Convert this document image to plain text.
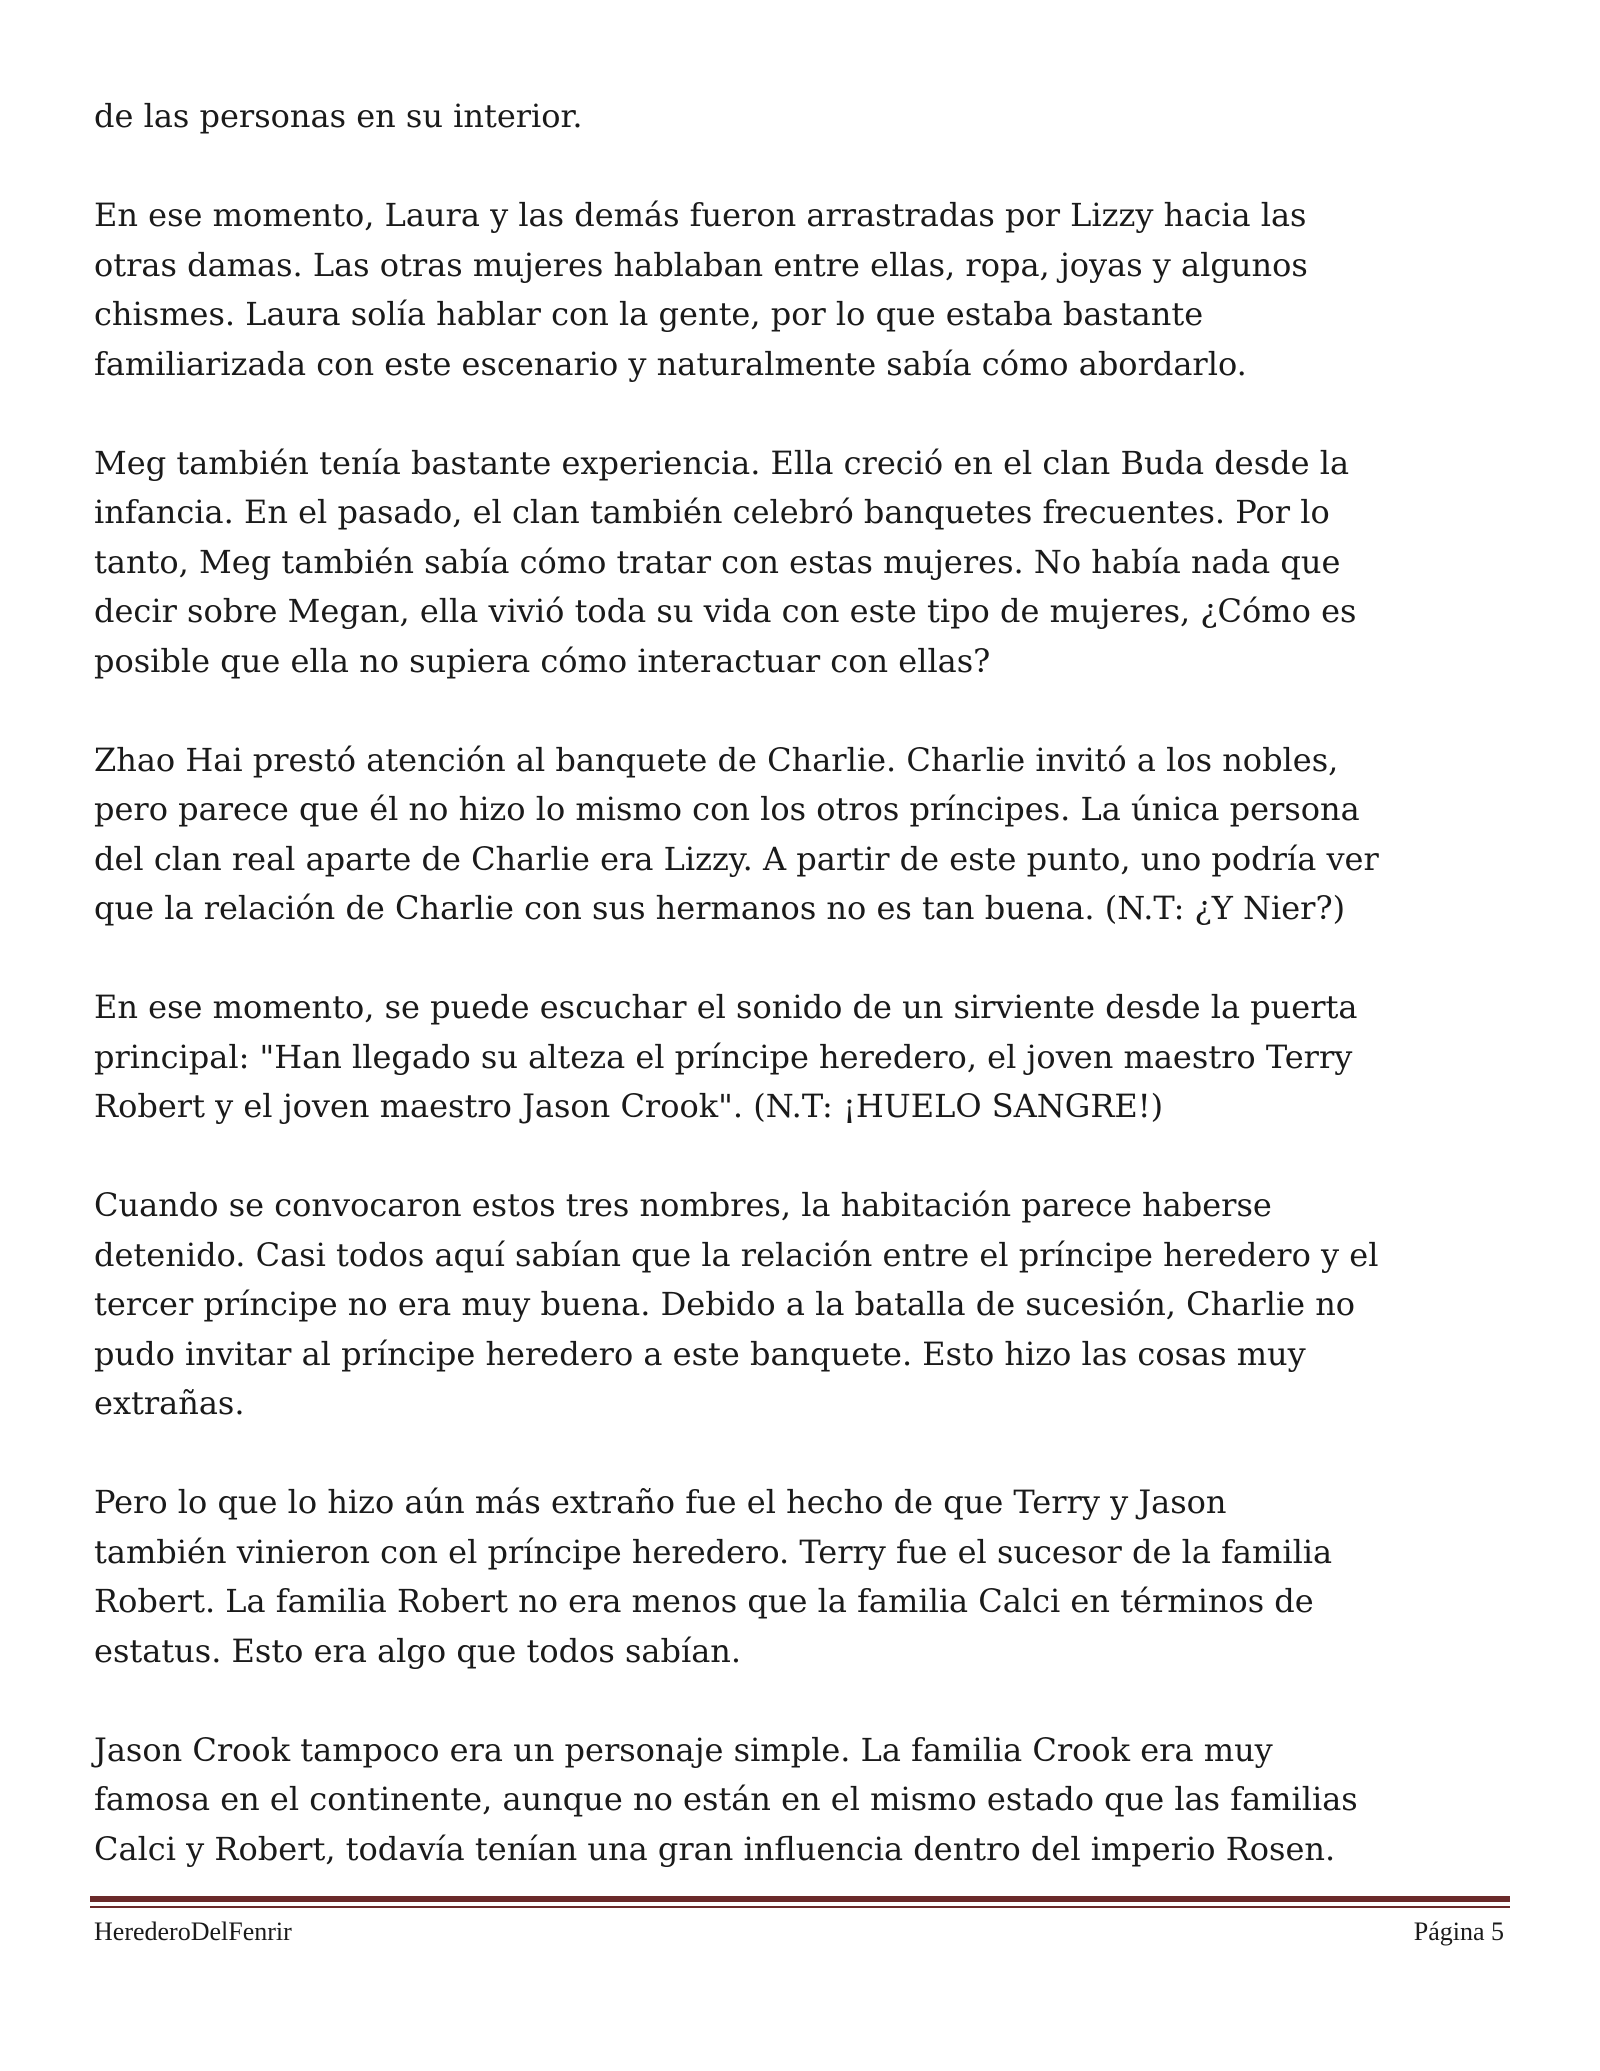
de las personas en su interior.

En ese momento, Laura y las demás fueron arrastradas por Lizzy hacia las
otras damas. Las otras mujeres hablaban entre ellas, ropa, joyas y algunos
chismes. Laura solía hablar con la gente, por lo que estaba bastante
familiarizada con este escenario y naturalmente sabía cómo abordarlo.

Meg también tenía bastante experiencia. Ella creció en el clan Buda desde la
infancia. En el pasado, el clan también celebró banquetes frecuentes. Por lo
tanto, Meg también sabía cómo tratar con estas mujeres. No había nada que
decir sobre Megan, ella vivió toda su vida con este tipo de mujeres, ¿Cómo es
posible que ella no supiera cómo interactuar con ellas?

Zhao Hai prestó atención al banquete de Charlie. Charlie invitó a los nobles,
pero parece que él no hizo lo mismo con los otros príncipes. La única persona
del clan real aparte de Charlie era Lizzy. A partir de este punto, uno podría ver
que la relación de Charlie con sus hermanos no es tan buena. (N.T: ¿Y Nier?)

En ese momento, se puede escuchar el sonido de un sirviente desde la puerta
principal: "Han llegado su alteza el príncipe heredero, el joven maestro Terry
Robert y el joven maestro Jason Crook". (N.T: ¡HUELO SANGRE!)

Cuando se convocaron estos tres nombres, la habitación parece haberse
detenido. Casi todos aquí sabían que la relación entre el príncipe heredero y el
tercer príncipe no era muy buena. Debido a la batalla de sucesión, Charlie no
pudo invitar al príncipe heredero a este banquete. Esto hizo las cosas muy
extrañas.

Pero lo que lo hizo aún más extraño fue el hecho de que Terry y Jason
también vinieron con el príncipe heredero. Terry fue el sucesor de la familia
Robert. La familia Robert no era menos que la familia Calci en términos de
estatus. Esto era algo que todos sabían.

Jason Crook tampoco era un personaje simple. La familia Crook era muy
famosa en el continente, aunque no están en el mismo estado que las familias
Calci y Robert, todavía tenían una gran influencia dentro del imperio Rosen.

HerederoDelFenrir	Página 5
